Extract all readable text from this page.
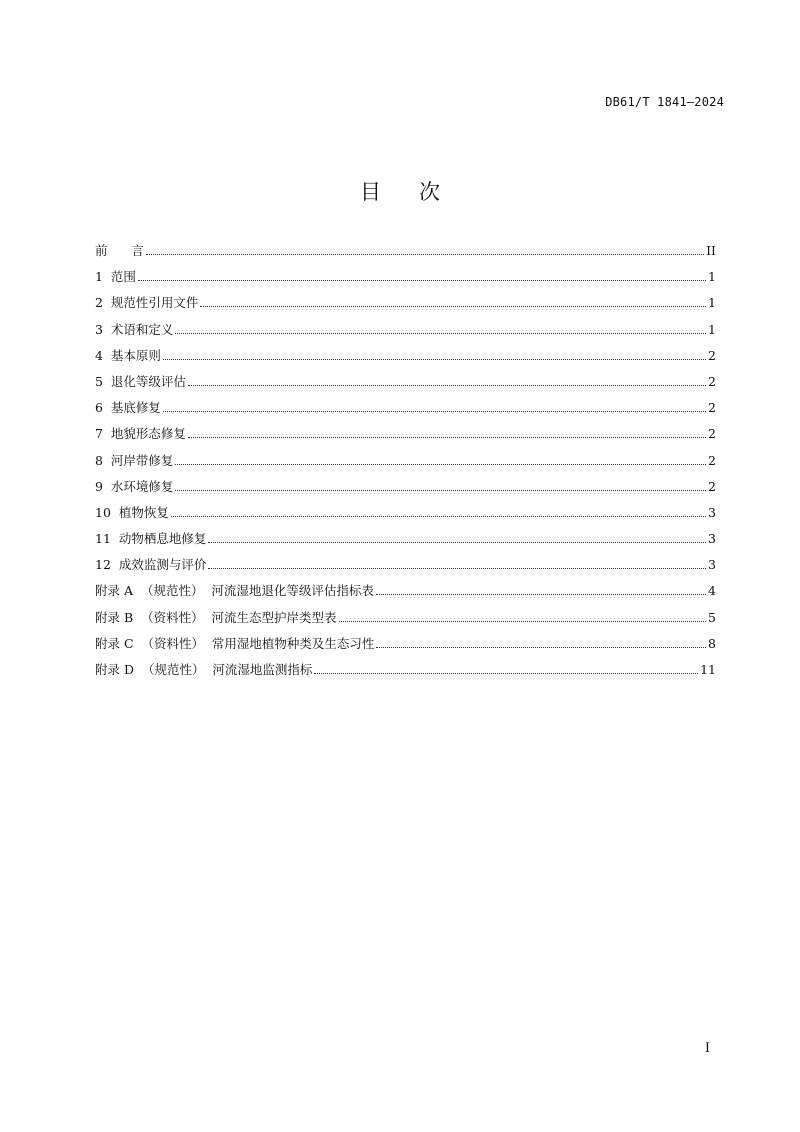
DB61/T 1841—2024
目次
前      言	II
1  范围	1
2  规范性引用文件	1
3  术语和定义	1
4  基本原则	2
5  退化等级评估	2
6  基底修复	2
7  地貌形态修复	2
8  河岸带修复	2
9  水环境修复	2
10  植物恢复	3
11  动物栖息地修复	3
12  成效监测与评价	3
附录 A  （规范性）  河流湿地退化等级评估指标表	4
附录 B  （资料性）  河流生态型护岸类型表	5
附录 C  （资料性）  常用湿地植物种类及生态习性	8
附录 D  （规范性）  河流湿地监测指标	11
I
